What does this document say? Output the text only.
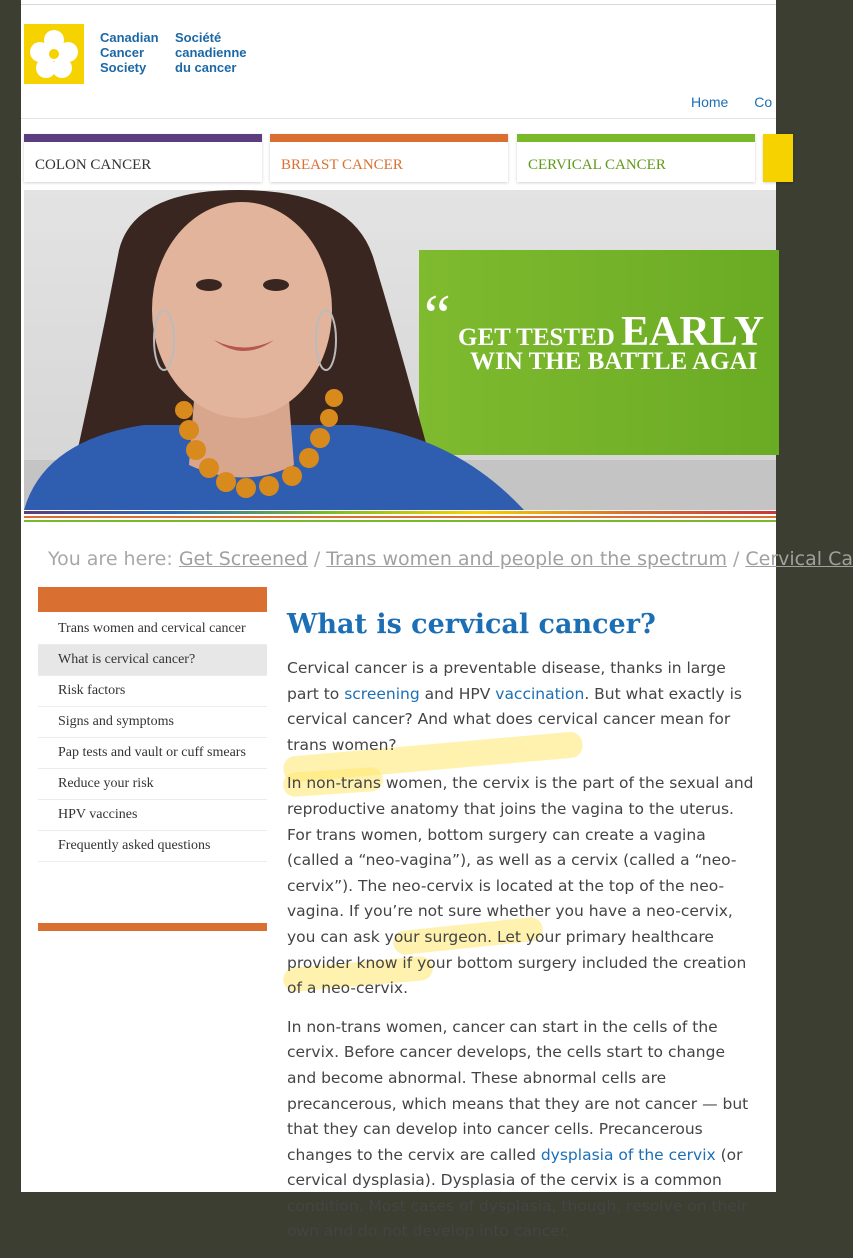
Canadian
Cancer
Society
Société
canadienne
du cancer
Home Co
COLON CANCER	BREAST CANCER	CERVICAL CANCER
“ GET TESTED EARLY
WIN THE BATTLE AGAI
You are here: Get Screened / Trans women and people on the spectrum / Cervical Ca
Trans women and cervical cancer
What is cervical cancer?
Risk factors
Signs and symptoms
Pap tests and vault or cuff smears
Reduce your risk
HPV vaccines
Frequently asked questions
What is cervical cancer?

Cervical cancer is a preventable disease, thanks in large part to screening and HPV vaccination. But what exactly is cervical cancer? And what does cervical cancer mean for trans women?

In non-trans women, the cervix is the part of the sexual and reproductive anatomy that joins the vagina to the uterus. For trans women, bottom surgery can create a vagina (called a “neo-vagina”), as well as a cervix (called a “neo-cervix”). The neo-cervix is located at the top of the neo-vagina. If you’re not sure whether you have a neo-cervix, you can ask your surgeon. Let your primary healthcare provider know if your bottom surgery included the creation of a neo-cervix.

In non-trans women, cancer can start in the cells of the cervix. Before cancer develops, the cells start to change and become abnormal. These abnormal cells are precancerous, which means that they are not cancer — but that they can develop into cancer cells. Precancerous changes to the cervix are called dysplasia of the cervix (or cervical dysplasia). Dysplasia of the cervix is a common condition. Most cases of dysplasia, though, resolve on their own and do not develop into cancer.
